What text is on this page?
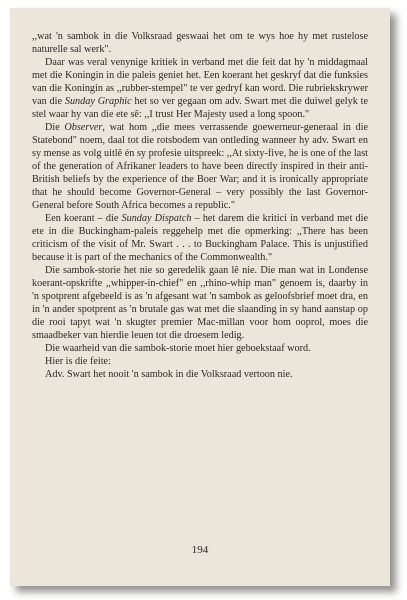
,,wat 'n sambok in die Volksraad geswaai het om te wys hoe hy met rustelose naturelle sal werk".

Daar was veral venynige kritiek in verband met die feit dat hy 'n middagmaal met die Koningin in die paleis geniet het. Een koerant het geskryf dat die funksies van die Koningin as ,,rubber-stempel" te ver gedryf kan word. Die rubriekskrywer van die Sunday Graphic het so ver gegaan om adv. Swart met die duiwel gelyk te stel waar hy van die ete sê: ,,I trust Her Majesty used a long spoon."

Die Observer, wat hom ,,die mees verrassende goewerneur-generaal in die Statebond" noem, daal tot die rotsbodem van ontleding wanneer hy adv. Swart en sy mense as volg uitlê én sy profesie uitspreek: ,,At sixty-five, he is one of the last of the generation of Afrikaner leaders to have been directly inspired in their anti-British beliefs by the experience of the Boer War; and it is ironically appropriate that he should become Governor-General – very possibly the last Governor-General before South Africa becomes a republic."

Een koerant – die Sunday Dispatch – het darem die kritici in verband met die ete in die Buckingham-paleis reggehelp met die opmerking: ,,There has been criticism of the visit of Mr. Swart . . . to Buckingham Palace. This is unjustified because it is part of the mechanics of the Commonwealth."

Die sambok-storie het nie so geredelik gaan lê nie. Die man wat in Londense koerant-opskrifte ,,whipper-in-chief" en ,,rhino-whip man" genoem is, daarby in 'n spotprent afgebeeld is as 'n afgesant wat 'n sambok as geloofsbrief moet dra, en in 'n ander spotprent as 'n brutale gas wat met die slaanding in sy hand aanstap op die rooi tapyt wat 'n skugter premier Mac-millan voor hom ooprol, moes die smaadbeker van hierdie leuen tot die droesem ledig.

Die waarheid van die sambok-storie moet hier geboekstaaf word.

Hier is die feite:

Adv. Swart het nooit 'n sambok in die Volksraad vertoon nie.

194
